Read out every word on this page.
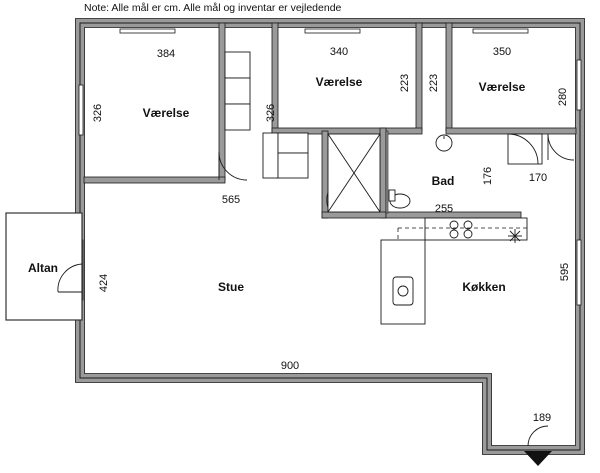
Note: Alle mål er cm. Alle mål og inventar er vejledende
Værelse
Værelse	Værelse
Bad
Køkken
Stue
Altan
384	340	350
326	326
223 223
280
176	170
565
255
424
595
900
189
